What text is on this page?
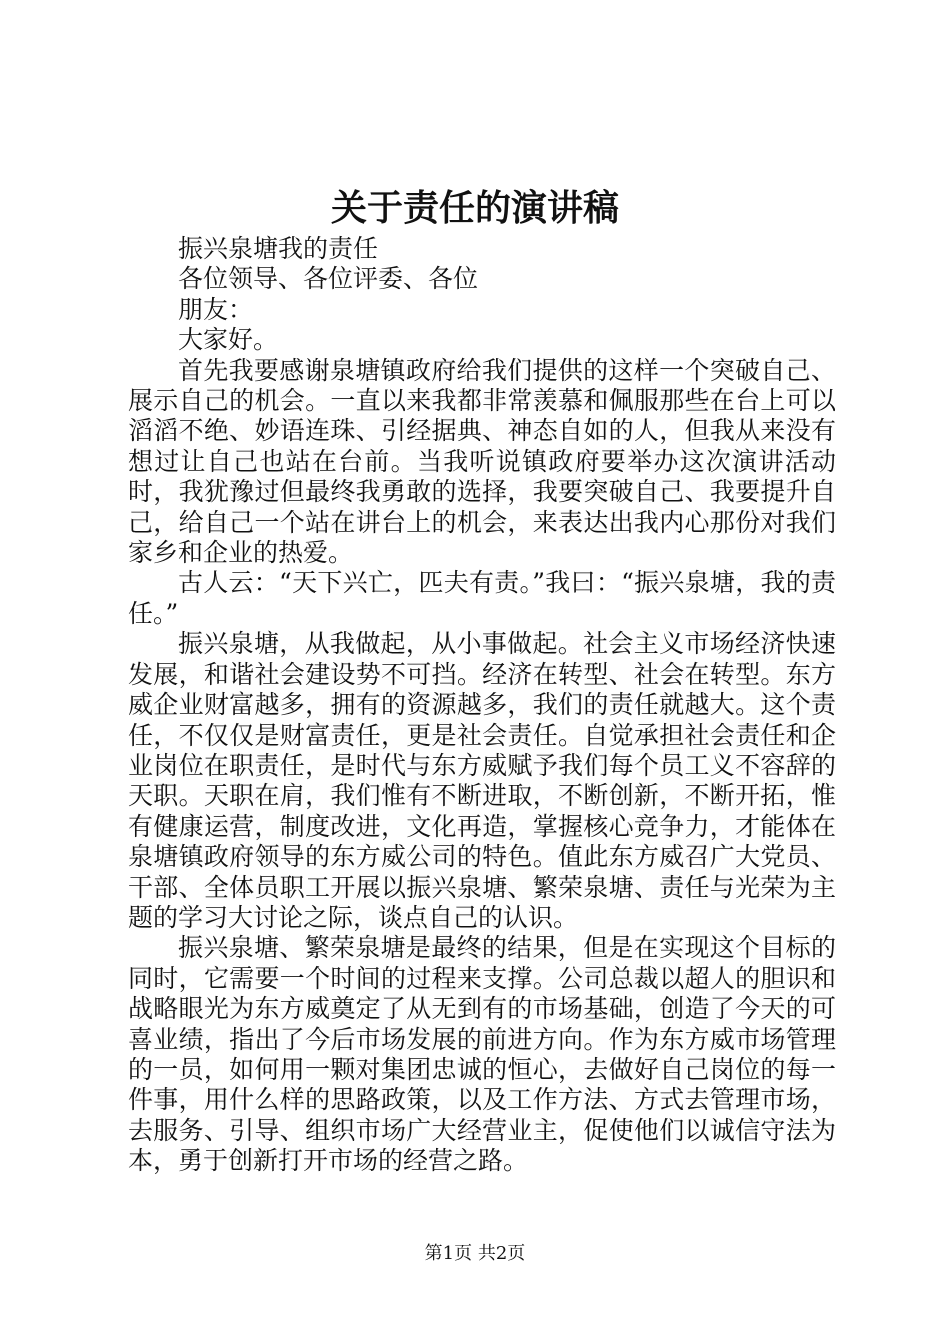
关于责任的演讲稿

振兴泉塘我的责任

各位领导、各位评委、各位

朋友：

大家好。

首先我要感谢泉塘镇政府给我们提供的这样一个突破自己、展示自己的机会。一直以来我都非常羡慕和佩服那些在台上可以滔滔不绝、妙语连珠、引经据典、神态自如的人，但我从来没有想过让自己也站在台前。当我听说镇政府要举办这次演讲活动时，我犹豫过但最终我勇敢的选择，我要突破自己、我要提升自己，给自己一个站在讲台上的机会，来表达出我内心那份对我们家乡和企业的热爱。

古人云：“天下兴亡，匹夫有责。”我曰：“振兴泉塘，我的责任。”

振兴泉塘，从我做起，从小事做起。社会主义市场经济快速发展，和谐社会建设势不可挡。经济在转型、社会在转型。东方威企业财富越多，拥有的资源越多，我们的责任就越大。这个责任，不仅仅是财富责任，更是社会责任。自觉承担社会责任和企业岗位在职责任，是时代与东方威赋予我们每个员工义不容辞的天职。天职在肩，我们惟有不断进取，不断创新，不断开拓，惟有健康运营，制度改进，文化再造，掌握核心竞争力，才能体在泉塘镇政府领导的东方威公司的特色。值此东方威召广大党员、干部、全体员职工开展以振兴泉塘、繁荣泉塘、责任与光荣为主题的学习大讨论之际，谈点自己的认识。

振兴泉塘、繁荣泉塘是最终的结果，但是在实现这个目标的同时，它需要一个时间的过程来支撑。公司总裁以超人的胆识和战略眼光为东方威奠定了从无到有的市场基础，创造了今天的可喜业绩，指出了今后市场发展的前进方向。作为东方威市场管理的一员，如何用一颗对集团忠诚的恒心，去做好自己岗位的每一件事，用什么样的思路政策，以及工作方法、方式去管理市场，去服务、引导、组织市场广大经营业主，促使他们以诚信守法为本，勇于创新打开市场的经营之路。

第1页 共2页
